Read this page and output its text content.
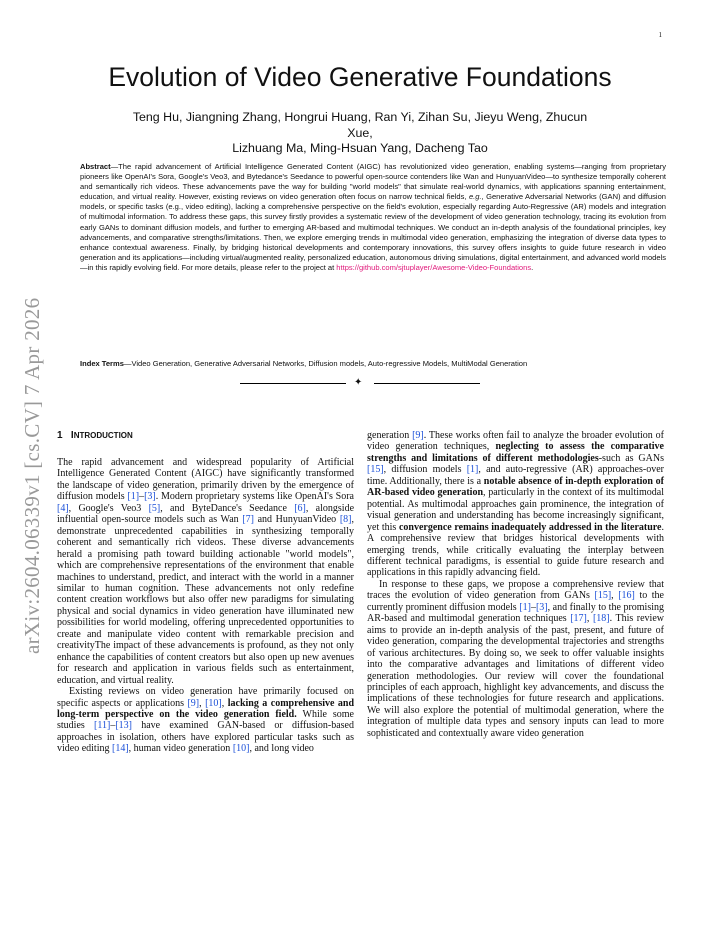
1
arXiv:2604.06339v1 [cs.CV] 7 Apr 2026
Evolution of Video Generative Foundations
Teng Hu, Jiangning Zhang, Hongrui Huang, Ran Yi, Zihan Su, Jieyu Weng, Zhucun Xue,
Lizhuang Ma, Ming-Hsuan Yang, Dacheng Tao
Abstract—The rapid advancement of Artificial Intelligence Generated Content (AIGC) has revolutionized video generation, enabling systems—ranging from proprietary pioneers like OpenAI's Sora, Google's Veo3, and Bytedance's Seedance to powerful open-source contenders like Wan and HunyuanVideo—to synthesize temporally coherent and semantically rich videos. These advancements pave the way for building "world models" that simulate real-world dynamics, with applications spanning entertainment, education, and virtual reality. However, existing reviews on video generation often focus on narrow technical fields, e.g., Generative Adversarial Networks (GAN) and diffusion models, or specific tasks (e.g., video editing), lacking a comprehensive perspective on the field's evolution, especially regarding Auto-Regressive (AR) models and integration of multimodal information. To address these gaps, this survey firstly provides a systematic review of the development of video generation technology, tracing its evolution from early GANs to dominant diffusion models, and further to emerging AR-based and multimodal techniques. We conduct an in-depth analysis of the foundational principles, key advancements, and comparative strengths/limitations. Then, we explore emerging trends in multimodal video generation, emphasizing the integration of diverse data types to enhance contextual awareness. Finally, by bridging historical developments and contemporary innovations, this survey offers insights to guide future research in video generation and its applications—including virtual/augmented reality, personalized education, autonomous driving simulations, digital entertainment, and advanced world models—in this rapidly evolving field. For more details, please refer to the project at https://github.com/sjtuplayer/Awesome-Video-Foundations.
Index Terms—Video Generation, Generative Adversarial Networks, Diffusion models, Auto-regressive Models, MultiModal Generation
✦
1 INTRODUCTION

The rapid advancement and widespread popularity of Artificial Intelligence Generated Content (AIGC) have significantly transformed the landscape of video generation, primarily driven by the emergence of diffusion models [1]–[3]. Modern proprietary systems like OpenAI's Sora [4], Google's Veo3 [5], and ByteDance's Seedance [6], alongside influential open-source models such as Wan [7] and HunyuanVideo [8], demonstrate unprecedented capabilities in synthesizing temporally coherent and semantically rich videos. These diverse advancements herald a promising path toward building actionable "world models", which are comprehensive representations of the environment that enable machines to understand, predict, and interact with the world in a manner similar to human cognition. These advancements not only redefine content creation workflows but also offer new paradigms for simulating physical and social dynamics in video generation have illuminated new possibilities for world modeling, offering unprecedented opportunities to create and manipulate video content with remarkable precision and creativityThe impact of these advancements is profound, as they not only enhance the capabilities of content creators but also open up new avenues for research and application in various fields such as entertainment, education, and virtual reality.

Existing reviews on video generation have primarily focused on specific aspects or applications [9], [10], lacking a comprehensive and long-term perspective on the video generation field. While some studies [11]–[13] have examined GAN-based or diffusion-based approaches in isolation, others have explored particular tasks such as video editing [14], human video generation [10], and long video

generation [9]. These works often fail to analyze the broader evolution of video generation techniques, neglecting to assess the comparative strengths and limitations of different methodologies-such as GANs [15], diffusion models [1], and auto-regressive (AR) approaches-over time. Additionally, there is a notable absence of in-depth exploration of AR-based video generation, particularly in the context of its multimodal potential. As multimodal approaches gain prominence, the integration of visual generation and understanding has become increasingly significant, yet this convergence remains inadequately addressed in the literature. A comprehensive review that bridges historical developments with emerging trends, while critically evaluating the interplay between different technical paradigms, is essential to guide future research and applications in this rapidly advancing field.

In response to these gaps, we propose a comprehensive review that traces the evolution of video generation from GANs [15], [16] to the currently prominent diffusion models [1]–[3], and finally to the promising AR-based and multimodal generation techniques [17], [18]. This review aims to provide an in-depth analysis of the past, present, and future of video generation, comparing the developmental trajectories and strengths of various architectures. By doing so, we seek to offer valuable insights into the comparative advantages and limitations of different video generation methodologies. Our review will cover the foundational principles of each approach, highlight key advancements, and discuss the implications of these technologies for future research and applications. We will also explore the potential of multimodal generation, where the integration of multiple data types and sensory inputs can lead to more sophisticated and contextually aware video generation
